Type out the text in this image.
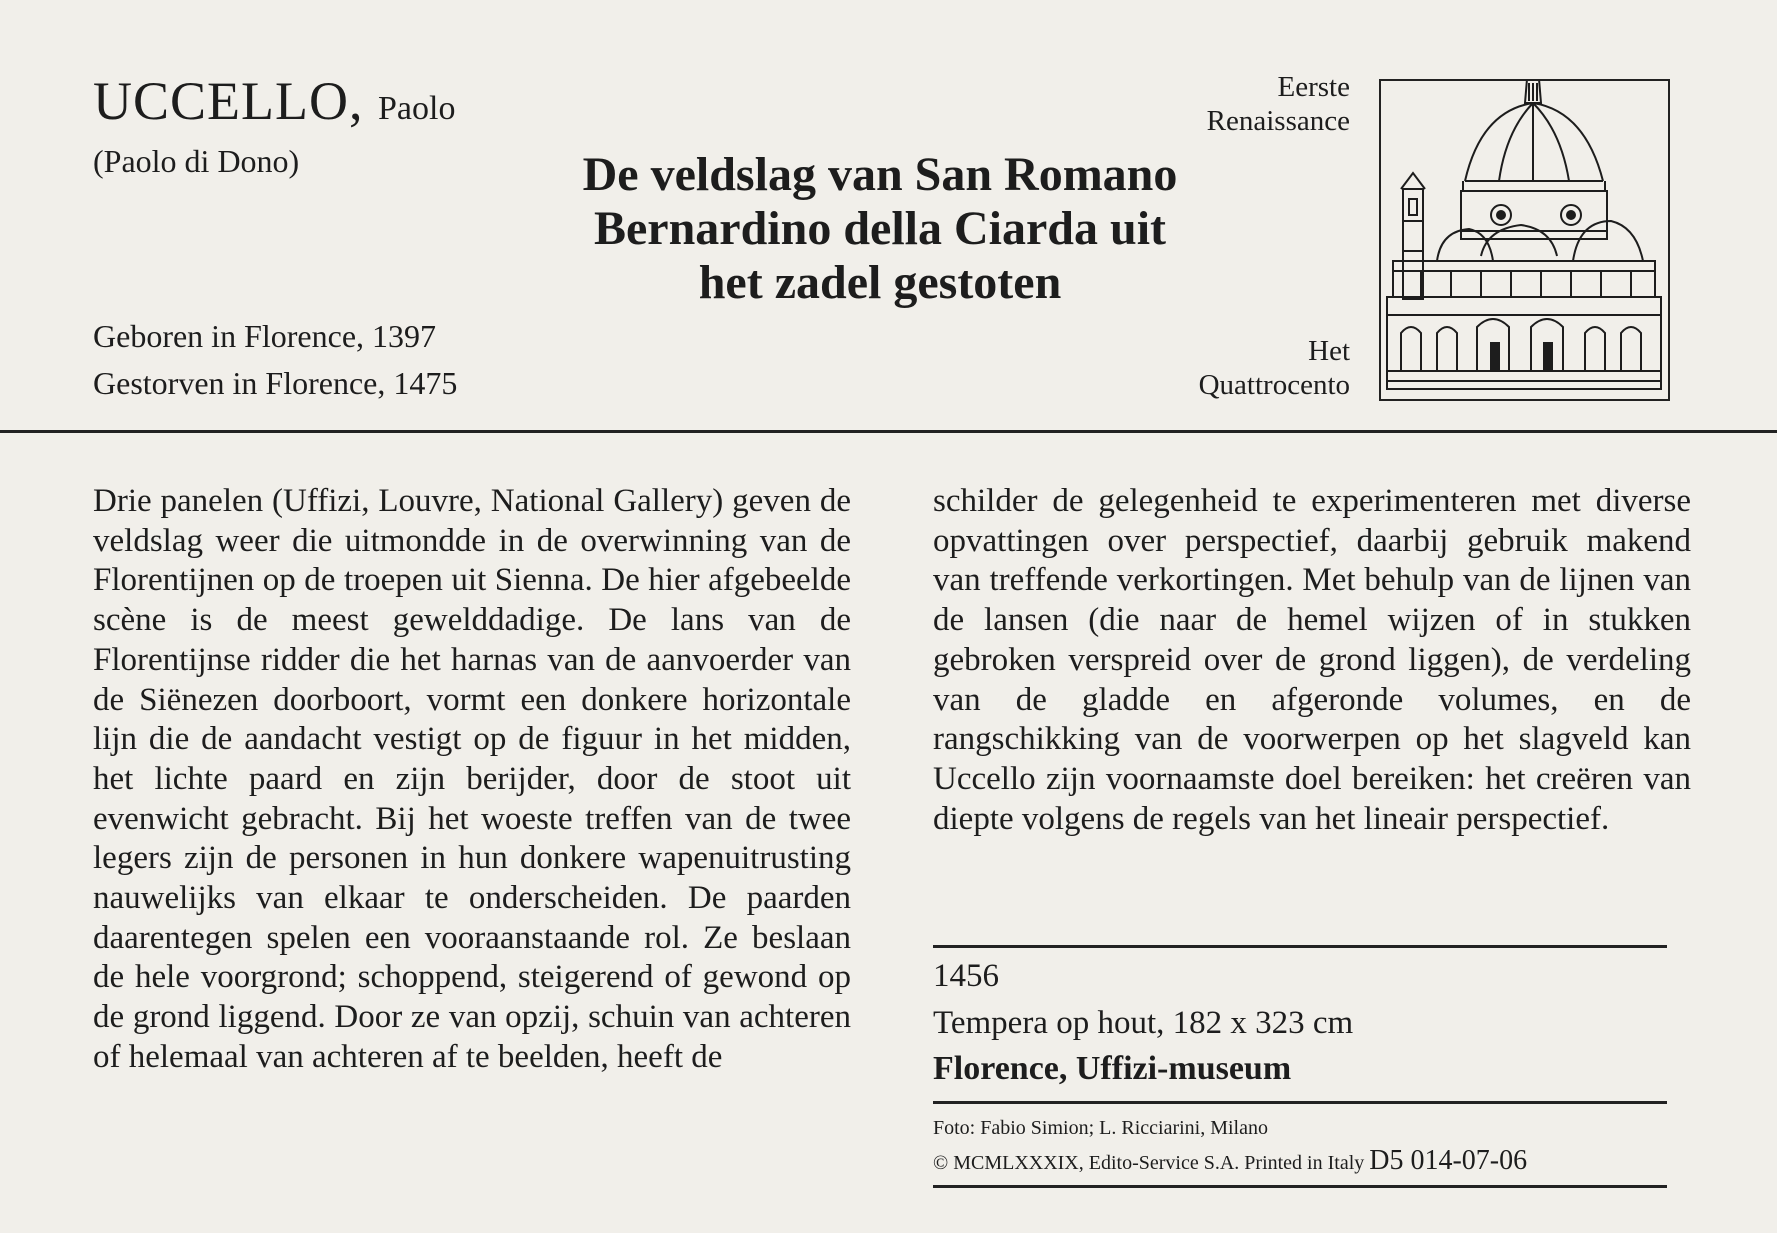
UCCELLO, Paolo
(Paolo di Dono)	De veldslag van San Romano
Bernardino della Ciarda uit
het zadel gestoten
Geboren in Florence, 1397
Gestorven in Florence, 1475
Eerste
Renaissance
Het
Quattrocento

Drie panelen (Uffizi, Louvre, National Gallery) geven de veldslag weer die uitmondde in de overwinning van de Florentijnen op de troepen uit Sienna. De hier afgebeelde scène is de meest gewelddadige. De lans van de Florentijnse ridder die het harnas van de aanvoerder van de Siënezen doorboort, vormt een donkere horizontale lijn die de aandacht vestigt op de figuur in het midden, het lichte paard en zijn berijder, door de stoot uit evenwicht gebracht. Bij het woeste treffen van de twee legers zijn de personen in hun donkere wapenuitrusting nauwelijks van elkaar te onderscheiden. De paarden daarentegen spelen een vooraanstaande rol. Ze beslaan de hele voorgrond; schoppend, steigerend of gewond op de grond liggend. Door ze van opzij, schuin van achteren of helemaal van achteren af te beelden, heeft de

schilder de gelegenheid te experimenteren met diverse opvattingen over perspectief, daarbij gebruik makend van treffende verkortingen. Met behulp van de lijnen van de lansen (die naar de hemel wijzen of in stukken gebroken verspreid over de grond liggen), de verdeling van de gladde en afgeronde volumes, en de rangschikking van de voorwerpen op het slagveld kan Uccello zijn voornaamste doel bereiken: het creëren van diepte volgens de regels van het lineair perspectief.

1456
Tempera op hout, 182 x 323 cm
Florence, Uffizi-museum
Foto: Fabio Simion; L. Ricciarini, Milano
© MCMLXXXIX, Edito-Service S.A. Printed in Italy D5 014-07-06
